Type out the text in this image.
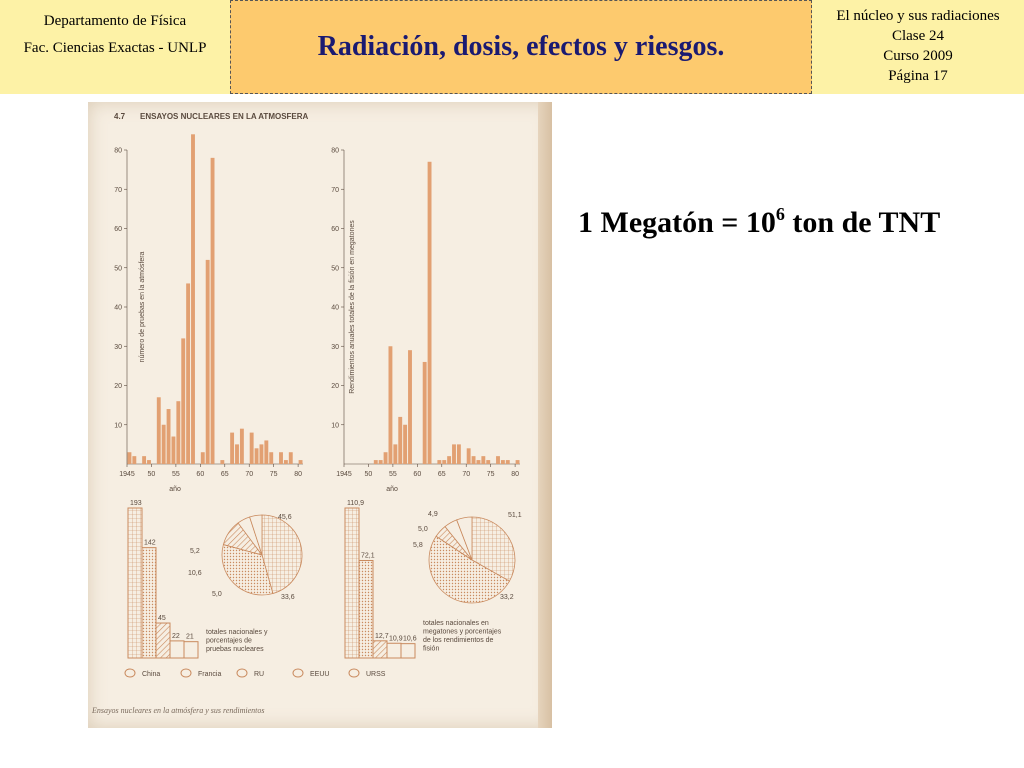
Departamento de Física
Fac. Ciencias Exactas - UNLP	Radiación, dosis, efectos y riesgos.
El núcleo y sus radiaciones
Clase 24
Curso 2009
Página 17
4.7 ENSAYOS NUCLEARES EN LA ATMOSFERA
10
20
30
40
50
60
70
80
1945 50 55 60 65 70 75 80
año
número de pruebas en la atmósfera
10
20
30
40
50
60
70
80
1945 50 55 60 65 70 75 80
año
Rendimientos anuales totales de la fisión en megatones
193
142
45
22 21
110,9
72,1
12,7 10,9 10,6
45,6
33,6
10,6
5,2
5,0
51,1
33,2
5,8
5,0
4,9
totales nacionales y
porcentajes de
pruebas nucleares
totales nacionales en
megatones y porcentajes
de los rendimientos de
fisión
China	Francia	RU	EEUU	URSS
Ensayos nucleares en la atmósfera y sus rendimientos
1 Megatón = $10^6$ ton de TNT
